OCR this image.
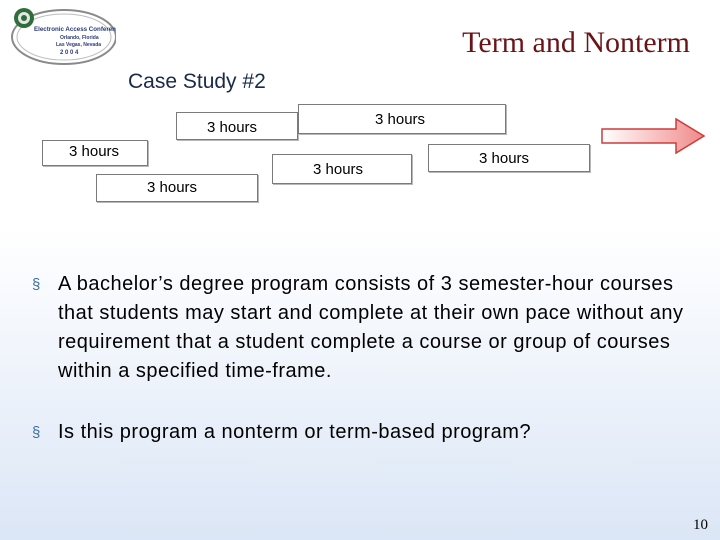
Electronic Access Conference
Orlando, Florida
Las Vegas, Nevada
2 0 0 4	Term and Nonterm
Case Study #2
3 hours	3 hours
3 hours
3 hours
3 hours
3 hours
§ A bachelor’s degree program consists of 3 semester-hour courses that students may start and complete at their own pace without any requirement that a student complete a course or group of courses within a specified time-frame.
§ Is this program a nonterm or term-based program?
10
